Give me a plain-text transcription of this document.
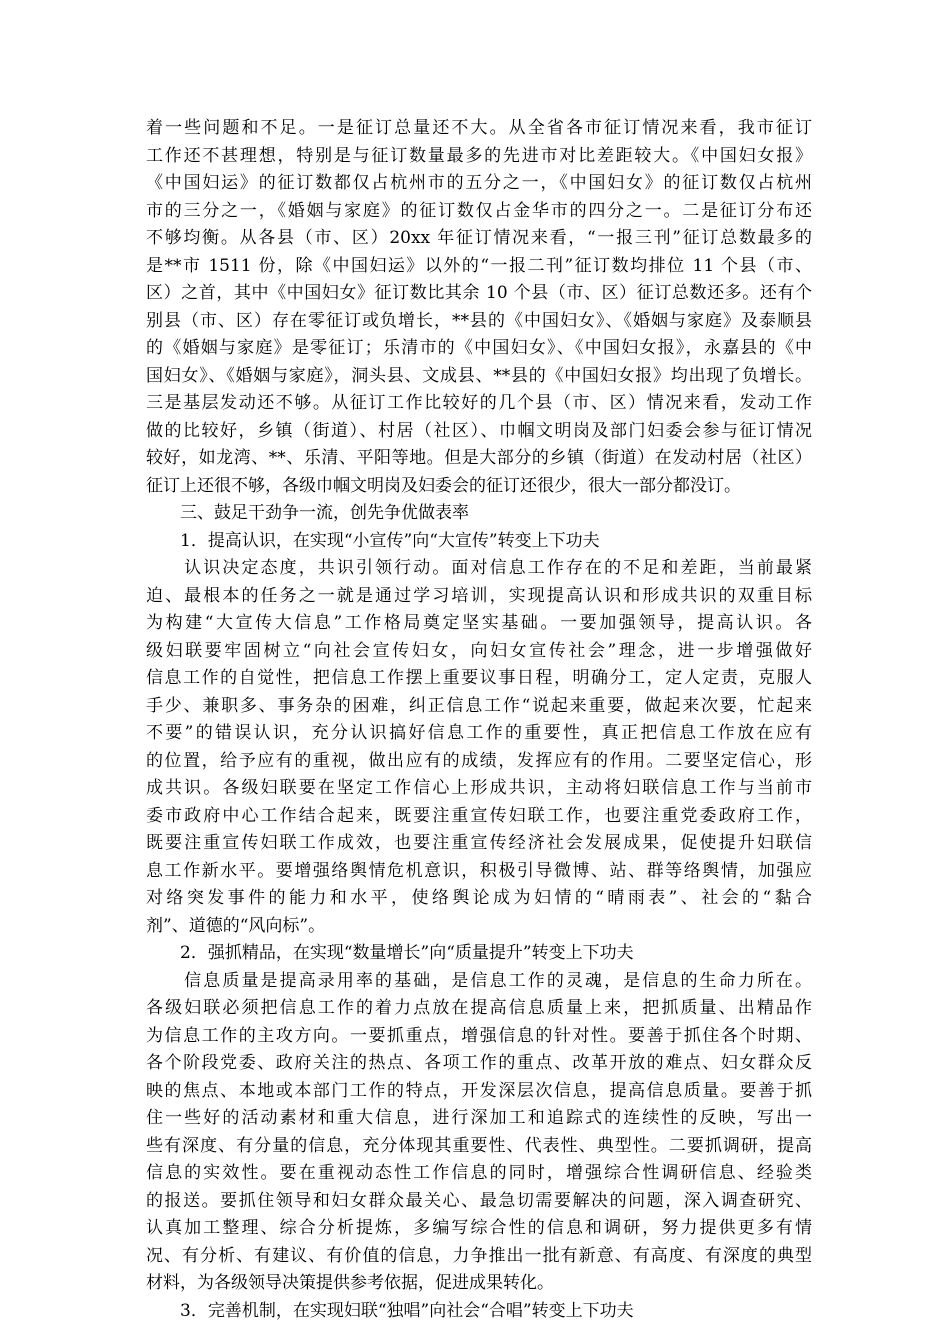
着一些问题和不足。一是征订总量还不大。从全省各市征订情况来看，我市征订
工作还不甚理想，特别是与征订数量最多的先进市对比差距较大。《中国妇女报》
《中国妇运》的征订数都仅占杭州市的五分之一，《中国妇女》的征订数仅占杭州
市的三分之一，《婚姻与家庭》的征订数仅占金华市的四分之一。二是征订分布还
不够均衡。从各县（市、区）20xx 年征订情况来看，“一报三刊”征订总数最多的
是**市 1511 份，除《中国妇运》以外的“一报二刊”征订数均排位 11 个县（市、
区）之首，其中《中国妇女》征订数比其余 10 个县（市、区）征订总数还多。还有个
别县（市、区）存在零征订或负增长，**县的《中国妇女》、《婚姻与家庭》及泰顺县
的《婚姻与家庭》是零征订；乐清市的《中国妇女》、《中国妇女报》，永嘉县的《中
国妇女》、《婚姻与家庭》，洞头县、文成县、**县的《中国妇女报》均出现了负增长。
三是基层发动还不够。从征订工作比较好的几个县（市、区）情况来看，发动工作
做的比较好，乡镇（街道）、村居（社区）、巾帼文明岗及部门妇委会参与征订情况
较好，如龙湾、**、乐清、平阳等地。但是大部分的乡镇（街道）在发动村居（社区）
征订上还很不够，各级巾帼文明岗及妇委会的征订还很少，很大一部分都没订。
　　三、鼓足干劲争一流，创先争优做表率
　　1．提高认识，在实现“小宣传”向“大宣传”转变上下功夫
　　认识决定态度，共识引领行动。面对信息工作存在的不足和差距，当前最紧
迫、最根本的任务之一就是通过学习培训，实现提高认识和形成共识的双重目标
为构建“大宣传大信息”工作格局奠定坚实基础。一要加强领导，提高认识。各
级妇联要牢固树立“向社会宣传妇女，向妇女宣传社会”理念，进一步增强做好
信息工作的自觉性，把信息工作摆上重要议事日程，明确分工，定人定责，克服人
手少、兼职多、事务杂的困难，纠正信息工作“说起来重要，做起来次要，忙起来
不要”的错误认识，充分认识搞好信息工作的重要性，真正把信息工作放在应有
的位置，给予应有的重视，做出应有的成绩，发挥应有的作用。二要坚定信心，形
成共识。各级妇联要在坚定工作信心上形成共识，主动将妇联信息工作与当前市
委市政府中心工作结合起来，既要注重宣传妇联工作，也要注重党委政府工作，
既要注重宣传妇联工作成效，也要注重宣传经济社会发展成果，促使提升妇联信
息工作新水平。要增强络舆情危机意识，积极引导微博、站、群等络舆情，加强应
对络突发事件的能力和水平，使络舆论成为妇情的“晴雨表”、社会的“黏合
剂”、道德的“风向标”。
　　2．强抓精品，在实现“数量增长”向“质量提升”转变上下功夫
　　信息质量是提高录用率的基础，是信息工作的灵魂，是信息的生命力所在。
各级妇联必须把信息工作的着力点放在提高信息质量上来，把抓质量、出精品作
为信息工作的主攻方向。一要抓重点，增强信息的针对性。要善于抓住各个时期、
各个阶段党委、政府关注的热点、各项工作的重点、改革开放的难点、妇女群众反
映的焦点、本地或本部门工作的特点，开发深层次信息，提高信息质量。要善于抓
住一些好的活动素材和重大信息，进行深加工和追踪式的连续性的反映，写出一
些有深度、有分量的信息，充分体现其重要性、代表性、典型性。二要抓调研，提高
信息的实效性。要在重视动态性工作信息的同时，增强综合性调研信息、经验类
的报送。要抓住领导和妇女群众最关心、最急切需要解决的问题，深入调查研究、
认真加工整理、综合分析提炼，多编写综合性的信息和调研，努力提供更多有情
况、有分析、有建议、有价值的信息，力争推出一批有新意、有高度、有深度的典型
材料，为各级领导决策提供参考依据，促进成果转化。
　　3．完善机制，在实现妇联“独唱”向社会“合唱”转变上下功夫
